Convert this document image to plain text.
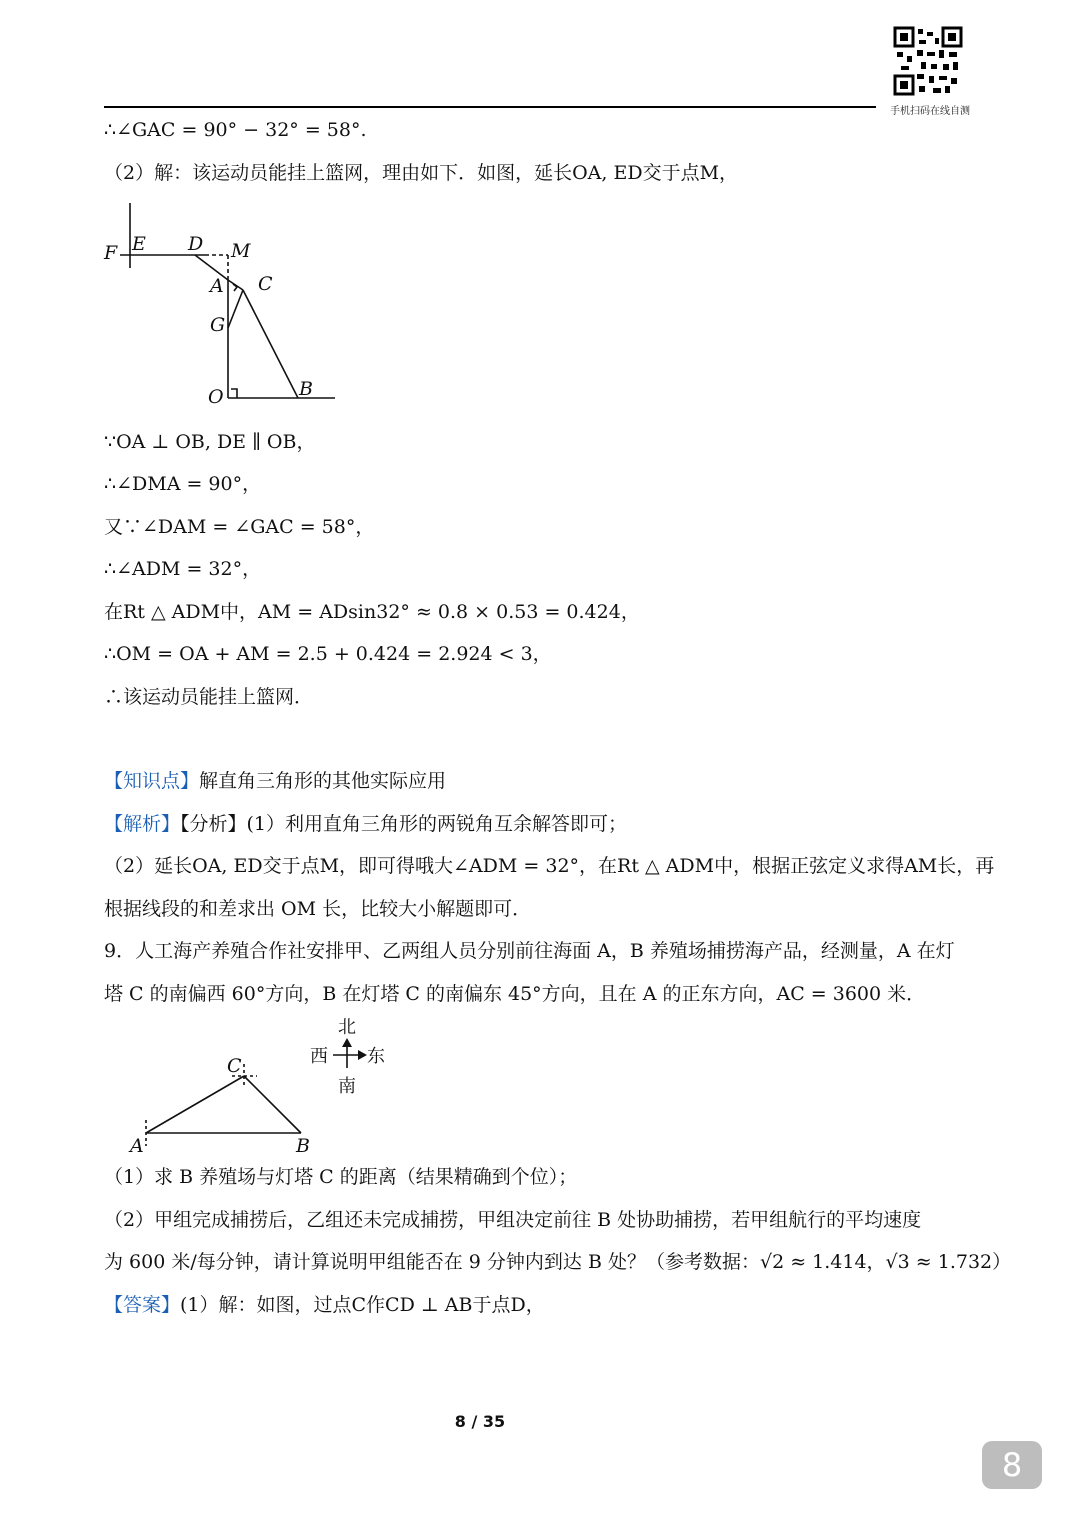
手机扫码在线自测
∴∠GAC = 90° − 32° = 58°.
（2）解：该运动员能挂上篮网，理由如下．如图，延长OA, ED交于点M，
F E D M
A C
G
O	B
∵OA ⊥ OB, DE ∥ OB，
∴∠DMA = 90°，
又∵∠DAM = ∠GAC = 58°，
∴∠ADM = 32°，
在Rt △ ADM中，AM = ADsin32° ≈ 0.8 × 0.53 = 0.424，
∴OM = OA + AM = 2.5 + 0.424 = 2.924 < 3，
∴该运动员能挂上篮网．
【知识点】解直角三角形的其他实际应用
【解析】【分析】(1）利用直角三角形的两锐角互余解答即可；
（2）延长OA, ED交于点M，即可得哦大∠ADM = 32°，在Rt △ ADM中，根据正弦定义求得AM长，再
根据线段的和差求出 OM 长，比较大小解题即可．
9．人工海产养殖合作社安排甲、乙两组人员分别前往海面 A，B 养殖场捕捞海产品，经测量，A 在灯
塔 C 的南偏西 60°方向，B 在灯塔 C 的南偏东 45°方向，且在 A 的正东方向，AC = 3600 米．
C
A	B
北
南
西 东
（1）求 B 养殖场与灯塔 C 的距离（结果精确到个位）；
（2）甲组完成捕捞后，乙组还未完成捕捞，甲组决定前往 B 处协助捕捞，若甲组航行的平均速度
为 600 米/每分钟，请计算说明甲组能否在 9 分钟内到达 B 处？（参考数据：√2 ≈ 1.414，√3 ≈ 1.732）
【答案】(1）解：如图，过点C作CD ⊥ AB于点D，
8 / 35
8
